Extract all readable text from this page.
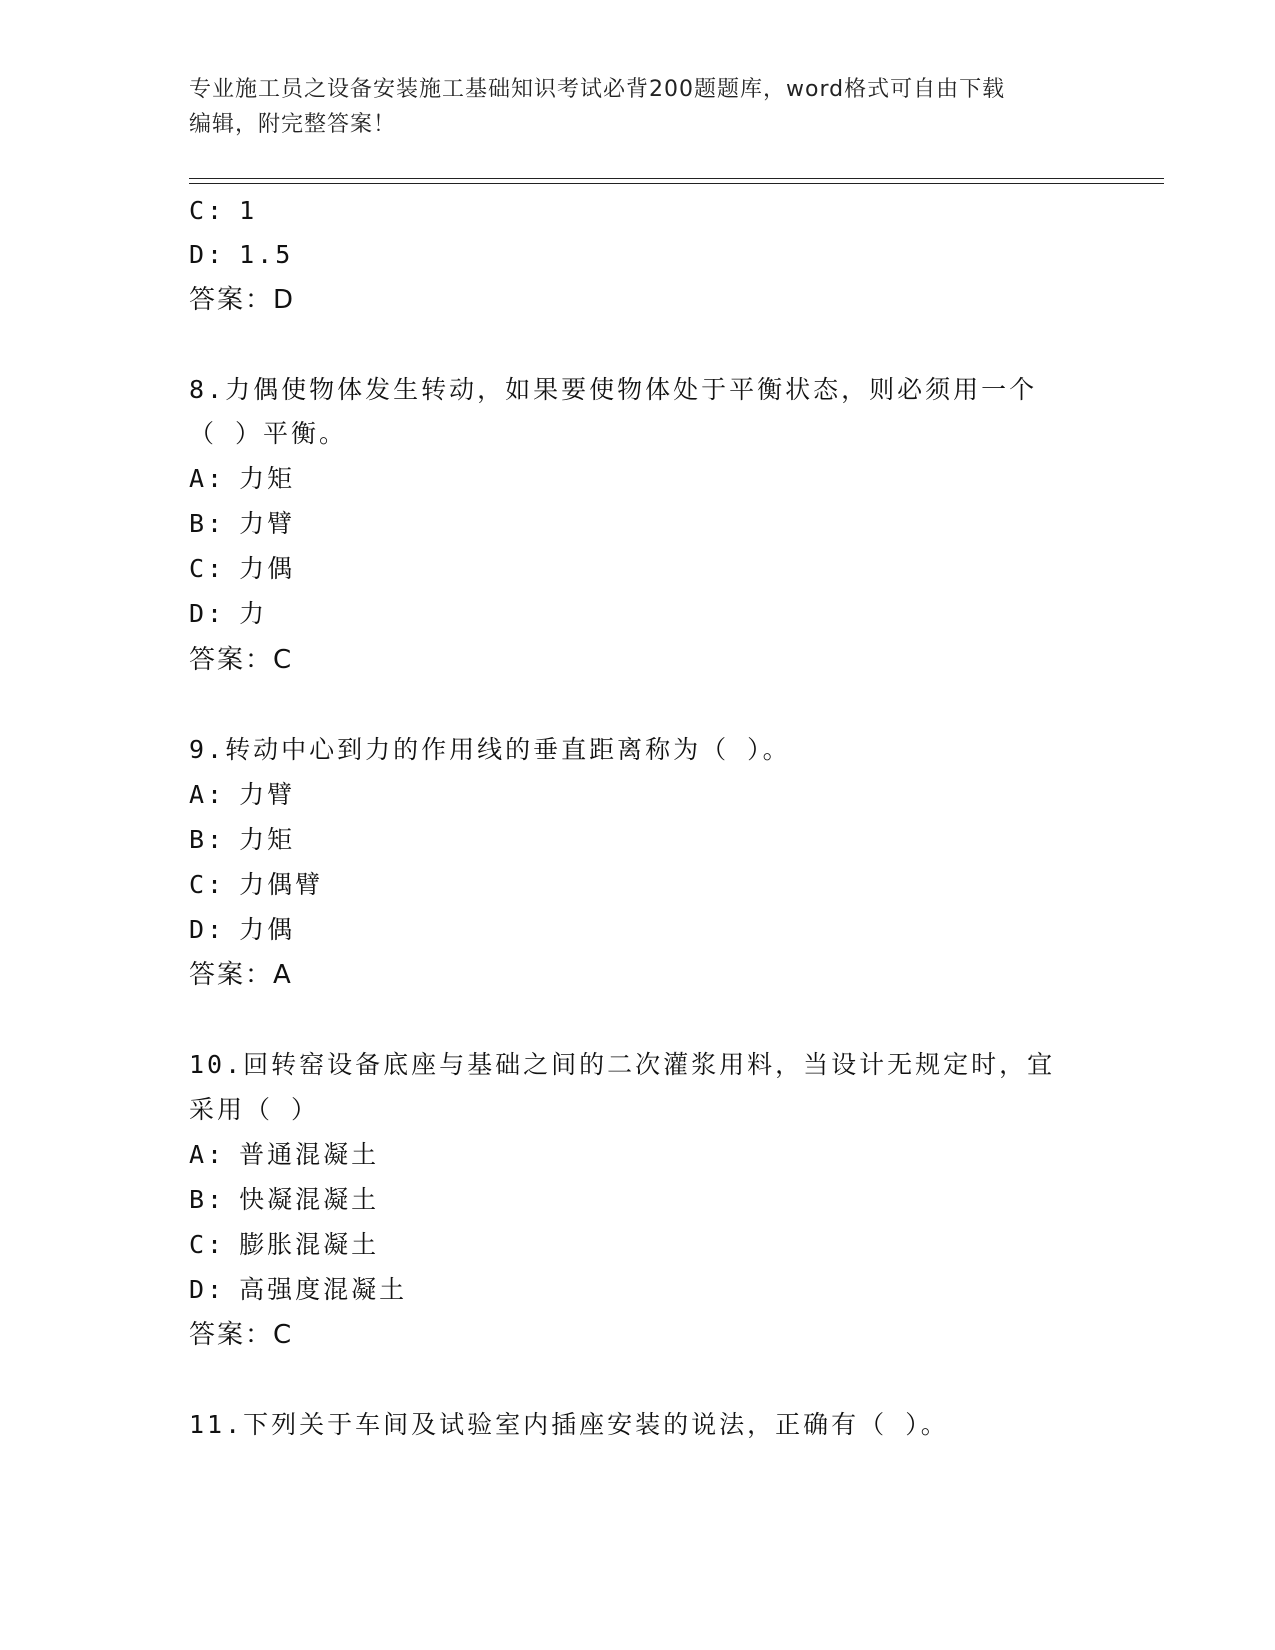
专业施工员之设备安装施工基础知识考试必背200题题库，word格式可自由下载
编辑，附完整答案！
C: 1
D: 1.5
答案：D
8.力偶使物体发生转动，如果要使物体处于平衡状态，则必须用一个
（ ）平衡。
A: 力矩
B: 力臂
C: 力偶
D: 力
答案：C
9.转动中心到力的作用线的垂直距离称为（ ）。
A: 力臂
B: 力矩
C: 力偶臂
D: 力偶
答案：A
10.回转窑设备底座与基础之间的二次灌浆用料，当设计无规定时，宜
采用（ ）
A: 普通混凝土
B: 快凝混凝土
C: 膨胀混凝土
D: 高强度混凝土
答案：C
11.下列关于车间及试验室内插座安装的说法，正确有（ ）。
